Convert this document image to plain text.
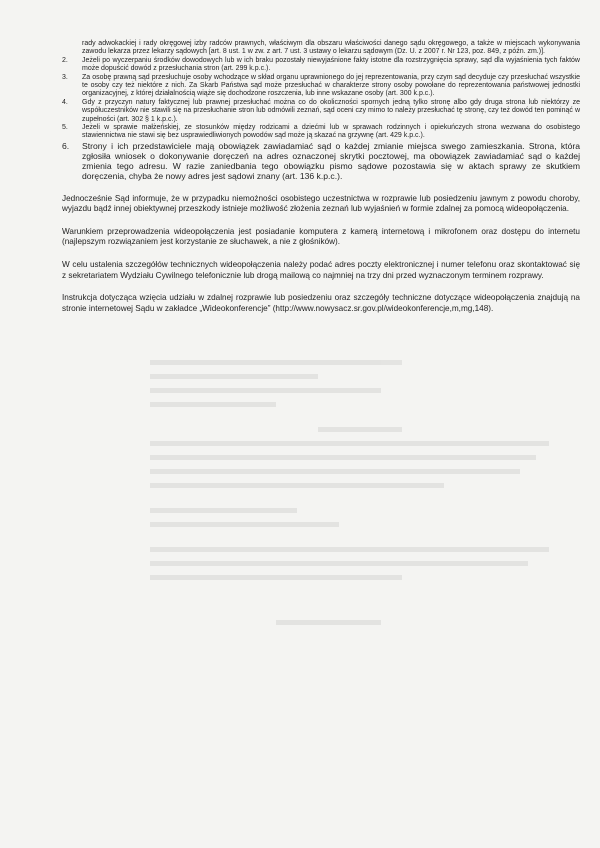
rady adwokackiej i rady okręgowej izby radców prawnych, właściwym dla obszaru właściwości danego sądu okręgowego, a także w miejscach wykonywania zawodu lekarza przez lekarzy sądowych [art. 8 ust. 1 w zw. z art. 7 ust. 3 ustawy o lekarzu sądowym (Dz. U. z 2007 r. Nr 123, poz. 849, z późn. zm.)].

2. Jeżeli po wyczerpaniu środków dowodowych lub w ich braku pozostały niewyjaśnione fakty istotne dla rozstrzygnięcia sprawy, sąd dla wyjaśnienia tych faktów może dopuścić dowód z przesłuchania stron (art. 299 k.p.c.).
3. Za osobę prawną sąd przesłuchuje osoby wchodzące w skład organu uprawnionego do jej reprezentowania, przy czym sąd decyduje czy przesłuchać wszystkie te osoby czy też niektóre z nich. Za Skarb Państwa sąd może przesłuchać w charakterze strony osoby powołane do reprezentowania państwowej jednostki organizacyjnej, z której działalnością wiąże się dochodzone roszczenia, lub inne wskazane osoby (art. 300 k.p.c.).
4. Gdy z przyczyn natury faktycznej lub prawnej przesłuchać można co do okoliczności spornych jedną tylko stronę albo gdy druga strona lub niektórzy ze współuczestników nie stawili się na przesłuchanie stron lub odmówili zeznań, sąd oceni czy mimo to należy przesłuchać tę stronę, czy też dowód ten pominąć w zupełności (art. 302 § 1 k.p.c.).
5. Jeżeli w sprawie małżeńskiej, ze stosunków między rodzicami a dziećmi lub w sprawach rodzinnych i opiekuńczych strona wezwana do osobistego stawiennictwa nie stawi się bez usprawiedliwionych powodów sąd może ją skazać na grzywnę (art. 429 k.p.c.).
6. Strony i ich przedstawiciele mają obowiązek zawiadamiać sąd o każdej zmianie miejsca swego zamieszkania. Strona, która zgłosiła wniosek o dokonywanie doręczeń na adres oznaczonej skrytki pocztowej, ma obowiązek zawiadamiać sąd o każdej zmienia tego adresu. W razie zaniedbania tego obowiązku pismo sądowe pozostawia się w aktach sprawy ze skutkiem doręczenia, chyba że nowy adres jest sądowi znany (art. 136 k.p.c.).

Jednocześnie Sąd informuje, że w przypadku niemożności osobistego uczestnictwa w rozprawie lub posiedzeniu jawnym z powodu choroby, wyjazdu bądź innej obiektywnej przeszkody istnieje możliwość złożenia zeznań lub wyjaśnień w formie zdalnej za pomocą wideopołączenia.

Warunkiem przeprowadzenia wideopołączenia jest posiadanie komputera z kamerą internetową i mikrofonem oraz dostępu do internetu (najlepszym rozwiązaniem jest korzystanie ze słuchawek, a nie z głośników).

W celu ustalenia szczegółów technicznych wideopołączenia należy podać adres poczty elektronicznej i numer telefonu oraz skontaktować się z sekretariatem Wydziału Cywilnego telefonicznie lub drogą mailową co najmniej na trzy dni przed wyznaczonym terminem rozprawy.

Instrukcja dotycząca wzięcia udziału w zdalnej rozprawie lub posiedzeniu oraz szczegóły techniczne dotyczące wideopołączenia znajdują na stronie internetowej Sądu w zakładce „Wideokonferencje” (http://www.nowysacz.sr.gov.pl/wideokonferencje,m,mg,148).
